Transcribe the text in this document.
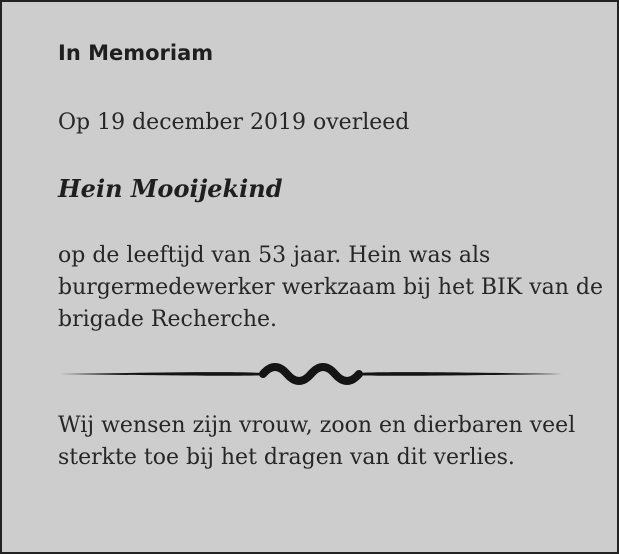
In Memoriam
Op 19 december 2019 overleed
Hein Mooijekind
op de leeftijd van 53 jaar. Hein was als
burgermedewerker werkzaam bij het BIK van de
brigade Recherche.
Wij wensen zijn vrouw, zoon en dierbaren veel
sterkte toe bij het dragen van dit verlies.
